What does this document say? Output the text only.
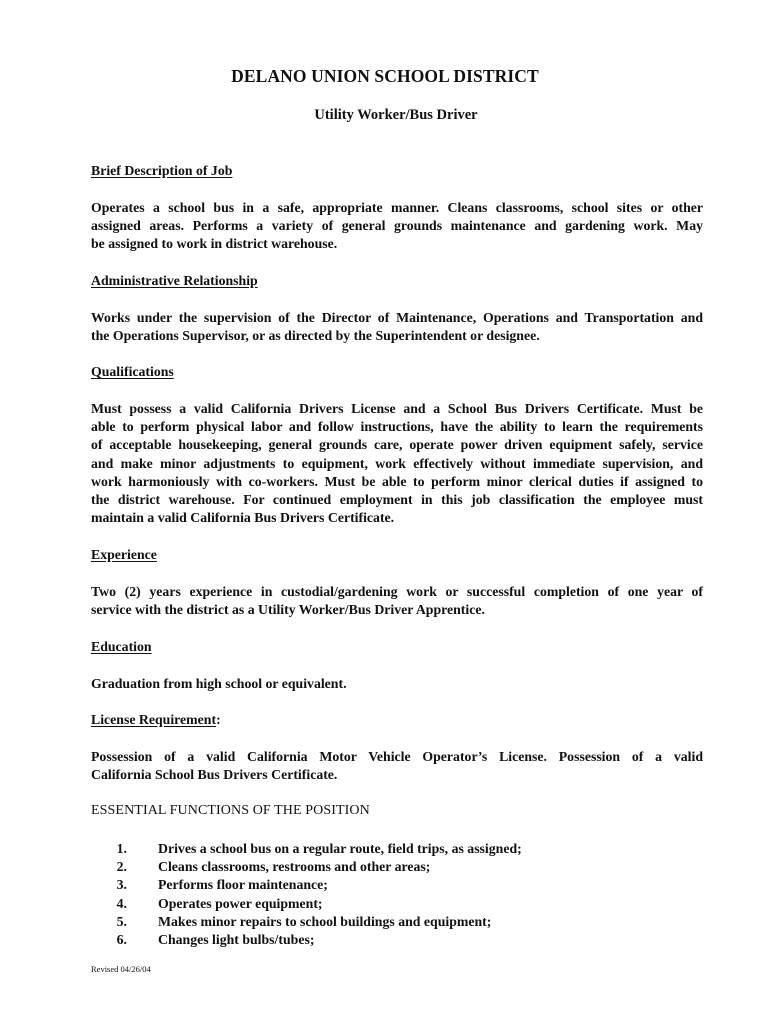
DELANO UNION SCHOOL DISTRICT
Utility Worker/Bus Driver
Brief Description of Job
Operates a school bus in a safe, appropriate manner. Cleans classrooms, school sites or other
assigned areas. Performs a variety of general grounds maintenance and gardening work. May
be assigned to work in district warehouse.
Administrative Relationship
Works under the supervision of the Director of Maintenance, Operations and Transportation and
the Operations Supervisor, or as directed by the Superintendent or designee.
Qualifications
Must possess a valid California Drivers License and a School Bus Drivers Certificate. Must be
able to perform physical labor and follow instructions, have the ability to learn the requirements
of acceptable housekeeping, general grounds care, operate power driven equipment safely, service
and make minor adjustments to equipment, work effectively without immediate supervision, and
work harmoniously with co-workers. Must be able to perform minor clerical duties if assigned to
the district warehouse. For continued employment in this job classification the employee must
maintain a valid California Bus Drivers Certificate.
Experience
Two (2) years experience in custodial/gardening work or successful completion of one year of
service with the district as a Utility Worker/Bus Driver Apprentice.
Education
Graduation from high school or equivalent.
License Requirement:
Possession of a valid California Motor Vehicle Operator’s License. Possession of a valid
California School Bus Drivers Certificate.
ESSENTIAL FUNCTIONS OF THE POSITION
1. Drives a school bus on a regular route, field trips, as assigned;
2. Cleans classrooms, restrooms and other areas;
3. Performs floor maintenance;
4. Operates power equipment;
5. Makes minor repairs to school buildings and equipment;
6. Changes light bulbs/tubes;
Revised 04/26/04
